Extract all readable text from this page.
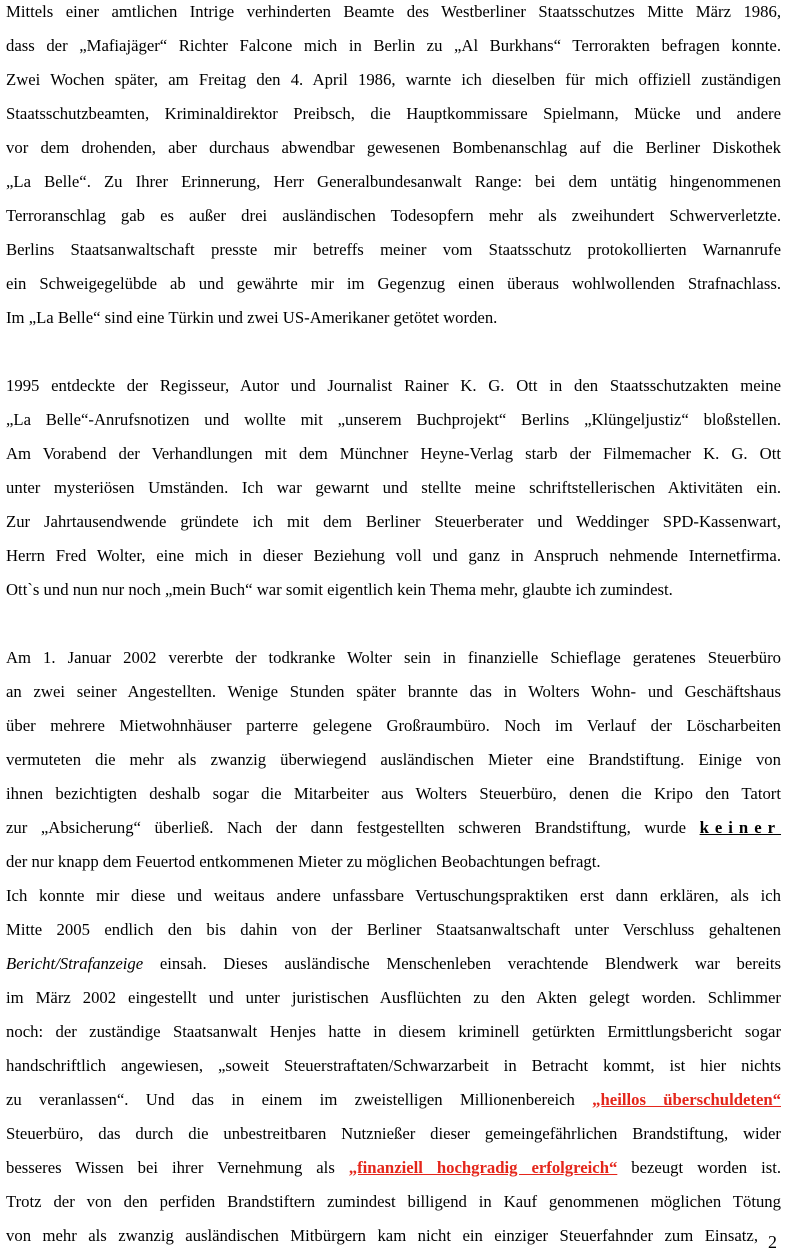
Mittels einer amtlichen Intrige verhinderten Beamte des Westberliner Staatsschutzes Mitte März 1986,
dass der „Mafiajäger“ Richter Falcone mich in Berlin zu „Al Burkhans“ Terrorakten befragen konnte.
Zwei Wochen später, am Freitag den 4. April 1986, warnte ich dieselben für mich offiziell zuständigen
Staatsschutzbeamten, Kriminaldirektor Preibsch, die Hauptkommissare Spielmann, Mücke und andere
vor dem drohenden, aber durchaus abwendbar gewesenen Bombenanschlag auf die Berliner Diskothek
„La Belle“. Zu Ihrer Erinnerung, Herr Generalbundesanwalt Range: bei dem untätig hingenommenen
Terroranschlag gab es außer drei ausländischen Todesopfern mehr als zweihundert Schwerverletzte.
Berlins Staatsanwaltschaft presste mir betreffs meiner vom Staatsschutz protokollierten Warnanrufe
ein Schweigegelübde ab und gewährte mir im Gegenzug einen überaus wohlwollenden Strafnachlass.
Im „La Belle“ sind eine Türkin und zwei US-Amerikaner getötet worden.
1995 entdeckte der Regisseur, Autor und Journalist Rainer K. G. Ott in den Staatsschutzakten meine
„La Belle“-Anrufsnotizen und wollte mit „unserem Buchprojekt“ Berlins „Klüngeljustiz“ bloßstellen.
Am Vorabend der Verhandlungen mit dem Münchner Heyne-Verlag starb der Filmemacher K. G. Ott
unter mysteriösen Umständen. Ich war gewarnt und stellte meine schriftstellerischen Aktivitäten ein.
Zur Jahrtausendwende gründete ich mit dem Berliner Steuerberater und Weddinger SPD-Kassenwart,
Herrn Fred Wolter, eine mich in dieser Beziehung voll und ganz in Anspruch nehmende Internetfirma.
Ott`s und nun nur noch „mein Buch“ war somit eigentlich kein Thema mehr, glaubte ich zumindest.
Am 1. Januar 2002 vererbte der todkranke Wolter sein in finanzielle Schieflage geratenes Steuerbüro
an zwei seiner Angestellten. Wenige Stunden später brannte das in Wolters Wohn- und Geschäftshaus
über mehrere Mietwohnhäuser parterre gelegene Großraumbüro. Noch im Verlauf der Löscharbeiten
vermuteten die mehr als zwanzig überwiegend ausländischen Mieter eine Brandstiftung. Einige von
ihnen bezichtigten deshalb sogar die Mitarbeiter aus Wolters Steuerbüro, denen die Kripo den Tatort
zur „Absicherung“ überließ. Nach der dann festgestellten schweren Brandstiftung, wurde keiner
der nur knapp dem Feuertod entkommenen Mieter zu möglichen Beobachtungen befragt.
Ich konnte mir diese und weitaus andere unfassbare Vertuschungspraktiken erst dann erklären, als ich
Mitte 2005 endlich den bis dahin von der Berliner Staatsanwaltschaft unter Verschluss gehaltenen
Bericht/Strafanzeige einsah. Dieses ausländische Menschenleben verachtende Blendwerk war bereits
im März 2002 eingestellt und unter juristischen Ausflüchten zu den Akten gelegt worden. Schlimmer
noch: der zuständige Staatsanwalt Henjes hatte in diesem kriminell getürkten Ermittlungsbericht sogar
handschriftlich angewiesen, „soweit Steuerstraftaten/Schwarzarbeit in Betracht kommt, ist hier nichts
zu veranlassen“. Und das in einem im zweistelligen Millionenbereich „heillos überschuldeten“
Steuerbüro, das durch die unbestreitbaren Nutznießer dieser gemeingefährlichen Brandstiftung, wider
besseres Wissen bei ihrer Vernehmung als „finanziell hochgradig erfolgreich“ bezeugt worden ist.
Trotz der von den perfiden Brandstiftern zumindest billigend in Kauf genommenen möglichen Tötung
von mehr als zwanzig ausländischen Mitbürgern kam nicht ein einziger Steuerfahnder zum Einsatz, 2
